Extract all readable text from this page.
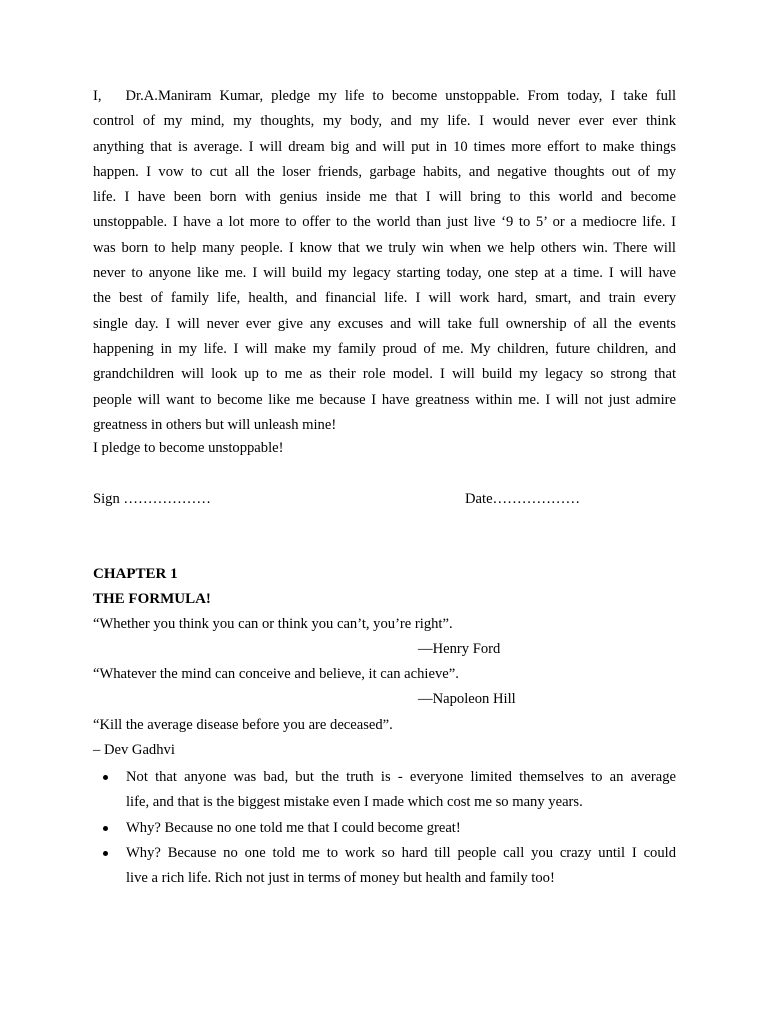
I, Dr.A.Maniram Kumar, pledge my life to become unstoppable. From today, I take full
control of my mind, my thoughts, my body, and my life. I would never ever ever think
anything that is average. I will dream big and will put in 10 times more effort to make things
happen. I vow to cut all the loser friends, garbage habits, and negative thoughts out of my
life. I have been born with genius inside me that I will bring to this world and become
unstoppable. I have a lot more to offer to the world than just live ‘9 to 5’ or a mediocre life. I
was born to help many people. I know that we truly win when we help others win. There will
never to anyone like me. I will build my legacy starting today, one step at a time. I will have
the best of family life, health, and financial life. I will work hard, smart, and train every
single day. I will never ever give any excuses and will take full ownership of all the events
happening in my life. I will make my family proud of me. My children, future children, and
grandchildren will look up to me as their role model. I will build my legacy so strong that
people will want to become like me because I have greatness within me. I will not just admire
greatness in others but will unleash mine!
I pledge to become unstoppable!
Sign ………………	Date………………
CHAPTER 1
THE FORMULA!
“Whether you think you can or think you can’t, you’re right”.
—Henry Ford
“Whatever the mind can conceive and believe, it can achieve”.
—Napoleon Hill
“Kill the average disease before you are deceased”.
– Dev Gadhvi
Not that anyone was bad, but the truth is - everyone limited themselves to an average
life, and that is the biggest mistake even I made which cost me so many years.
Why? Because no one told me that I could become great!
Why? Because no one told me to work so hard till people call you crazy until I could
live a rich life. Rich not just in terms of money but health and family too!
